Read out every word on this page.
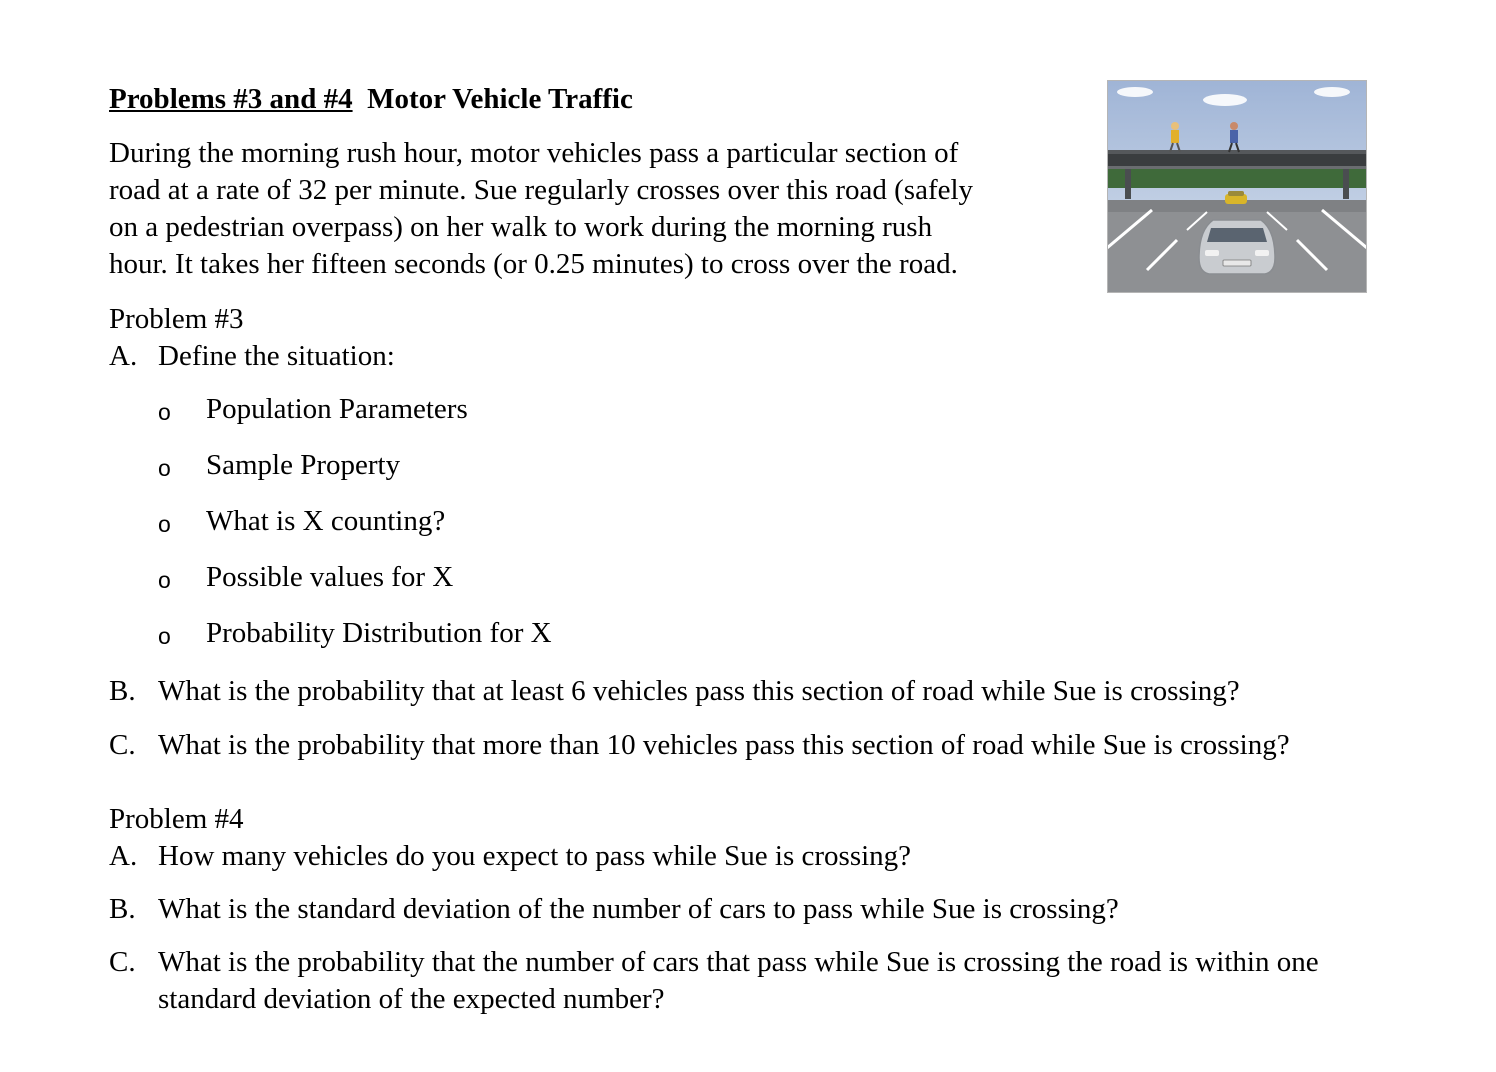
Problems #3 and #4 Motor Vehicle Traffic
During the morning rush hour, motor vehicles pass a particular section of
road at a rate of 32 per minute. Sue regularly crosses over this road (safely
on a pedestrian overpass) on her walk to work during the morning rush
hour. It takes her fifteen seconds (or 0.25 minutes) to cross over the road.
Problem #3
A. Define the situation:
o	Population Parameters
o	Sample Property
o	What is X counting?
o	Possible values for X
o	Probability Distribution for X
B. What is the probability that at least 6 vehicles pass this section of road while Sue is crossing?
C. What is the probability that more than 10 vehicles pass this section of road while Sue is crossing?
Problem #4
A. How many vehicles do you expect to pass while Sue is crossing?
B. What is the standard deviation of the number of cars to pass while Sue is crossing?
C. What is the probability that the number of cars that pass while Sue is crossing the road is within one standard deviation of the expected number?
